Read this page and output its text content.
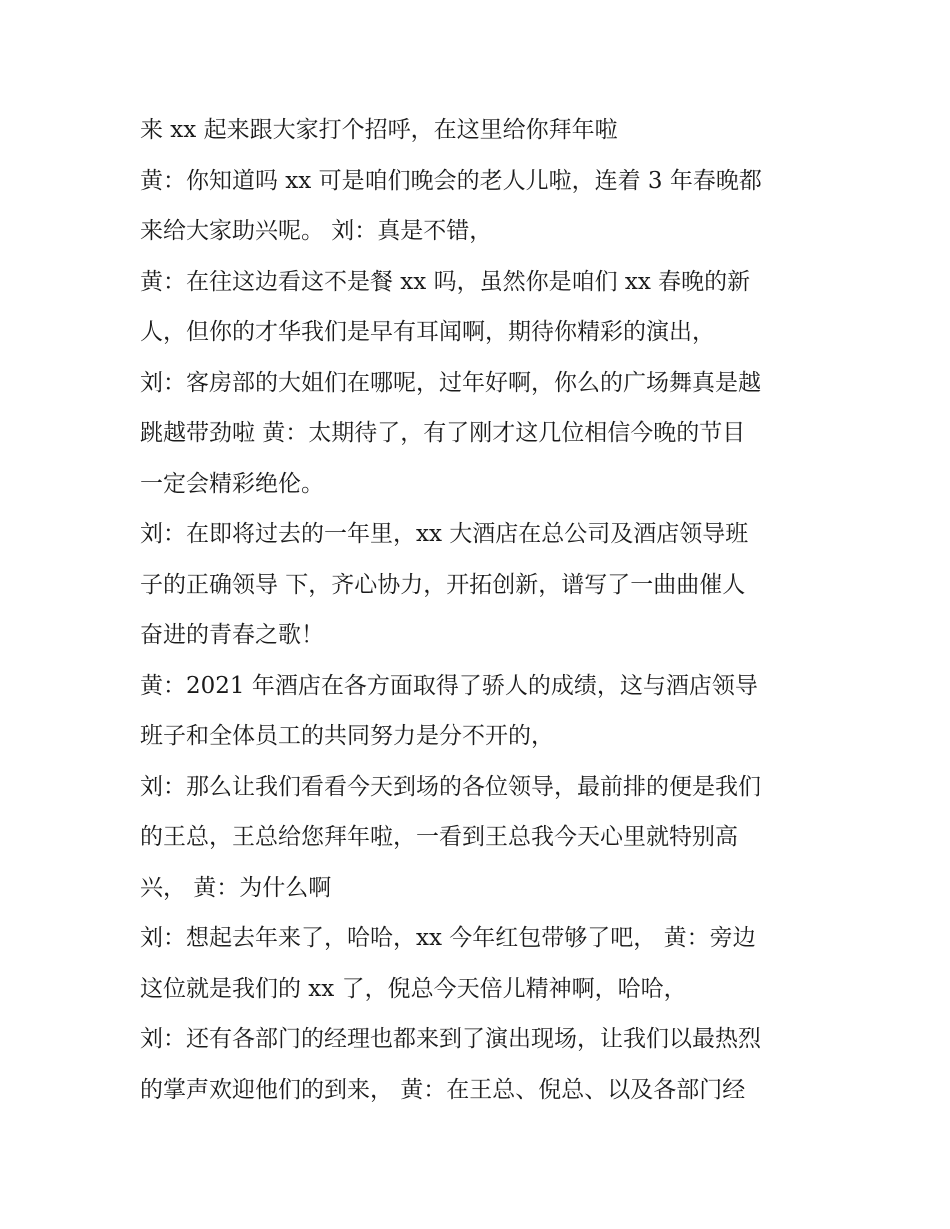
来 xx 起来跟大家打个招呼，在这里给你拜年啦
黄：你知道吗 xx 可是咱们晚会的老人儿啦，连着 3 年春晚都
来给大家助兴呢。 刘：真是不错，
黄：在往这边看这不是餐 xx 吗，虽然你是咱们 xx 春晚的新
人，但你的才华我们是早有耳闻啊，期待你精彩的演出，
刘：客房部的大姐们在哪呢，过年好啊，你么的广场舞真是越
跳越带劲啦 黄：太期待了，有了刚才这几位相信今晚的节目
一定会精彩绝伦。
刘：在即将过去的一年里，xx 大酒店在总公司及酒店领导班
子的正确领导 下，齐心协力，开拓创新，谱写了一曲曲催人
奋进的青春之歌！
黄：2021 年酒店在各方面取得了骄人的成绩，这与酒店领导
班子和全体员工的共同努力是分不开的，
刘：那么让我们看看今天到场的各位领导，最前排的便是我们
的王总，王总给您拜年啦，一看到王总我今天心里就特别高
兴， 黄：为什么啊
刘：想起去年来了，哈哈，xx 今年红包带够了吧， 黄：旁边
这位就是我们的 xx 了，倪总今天倍儿精神啊，哈哈，
刘：还有各部门的经理也都来到了演出现场，让我们以最热烈
的掌声欢迎他们的到来， 黄：在王总、倪总、以及各部门经
